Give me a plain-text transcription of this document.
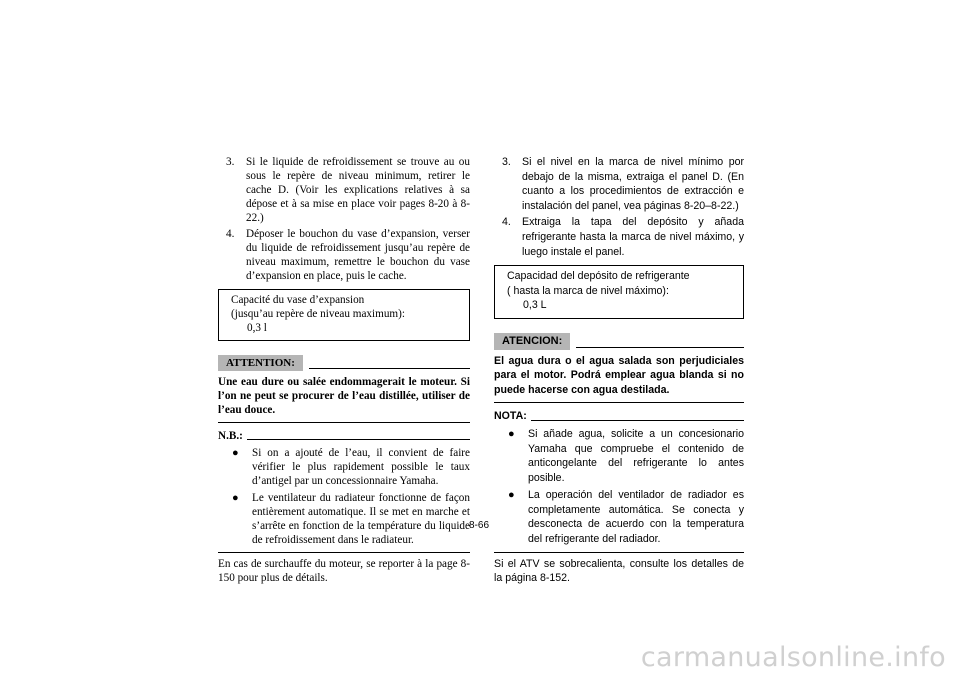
3.	Si le liquide de refroidissement se trouve au ou sous le repère de niveau minimum, retirer le cache D. (Voir les explications relatives à sa dépose et à sa mise en place voir pages 8-20 à 8-22.)
4.	Déposer le bouchon du vase d’expansion, verser du liquide de refroidissement jusqu’au repère de niveau maximum, remettre le bouchon du vase d’expansion en place, puis le cache.
Capacité du vase d’expansion
(jusqu’au repère de niveau maximum):
0,3 l
ATTENTION:
Une eau dure ou salée endommagerait le moteur. Si l’on ne peut se procurer de l’eau distillée, utiliser de l’eau douce.
N.B.:
●	Si on a ajouté de l’eau, il convient de faire vérifier le plus rapidement possible le taux d’antigel par un concessionnaire Yamaha.
●	Le ventilateur du radiateur fonctionne de façon entièrement automatique. Il se met en marche et s’arrête en fonction de la température du liquide de refroidissement dans le radiateur.
En cas de surchauffe du moteur, se reporter à la page 8-150 pour plus de détails.
3.	Si el nivel en la marca de nivel mínimo por debajo de la misma, extraiga el panel D. (En cuanto a los procedimientos de extracción e instalación del panel, vea páginas 8-20–8-22.)
4.	Extraiga la tapa del depósito y añada refrigerante hasta la marca de nivel máximo, y luego instale el panel.
Capacidad del depósito de refrigerante
( hasta la marca de nivel máximo):
0,3 L
ATENCION:
El agua dura o el agua salada son perjudiciales para el motor. Podrá emplear agua blanda si no puede hacerse con agua destilada.
NOTA:
●	Si añade agua, solicite a un concesionario Yamaha que compruebe el contenido de anticongelante del refrigerante lo antes posible.
●	La operación del ventilador de radiador es completamente automática. Se conecta y desconecta de acuerdo con la temperatura del refrigerante del radiador.
Si el ATV se sobrecalienta, consulte los detalles de la página 8-152.
8-66
carmanualsonline.info
